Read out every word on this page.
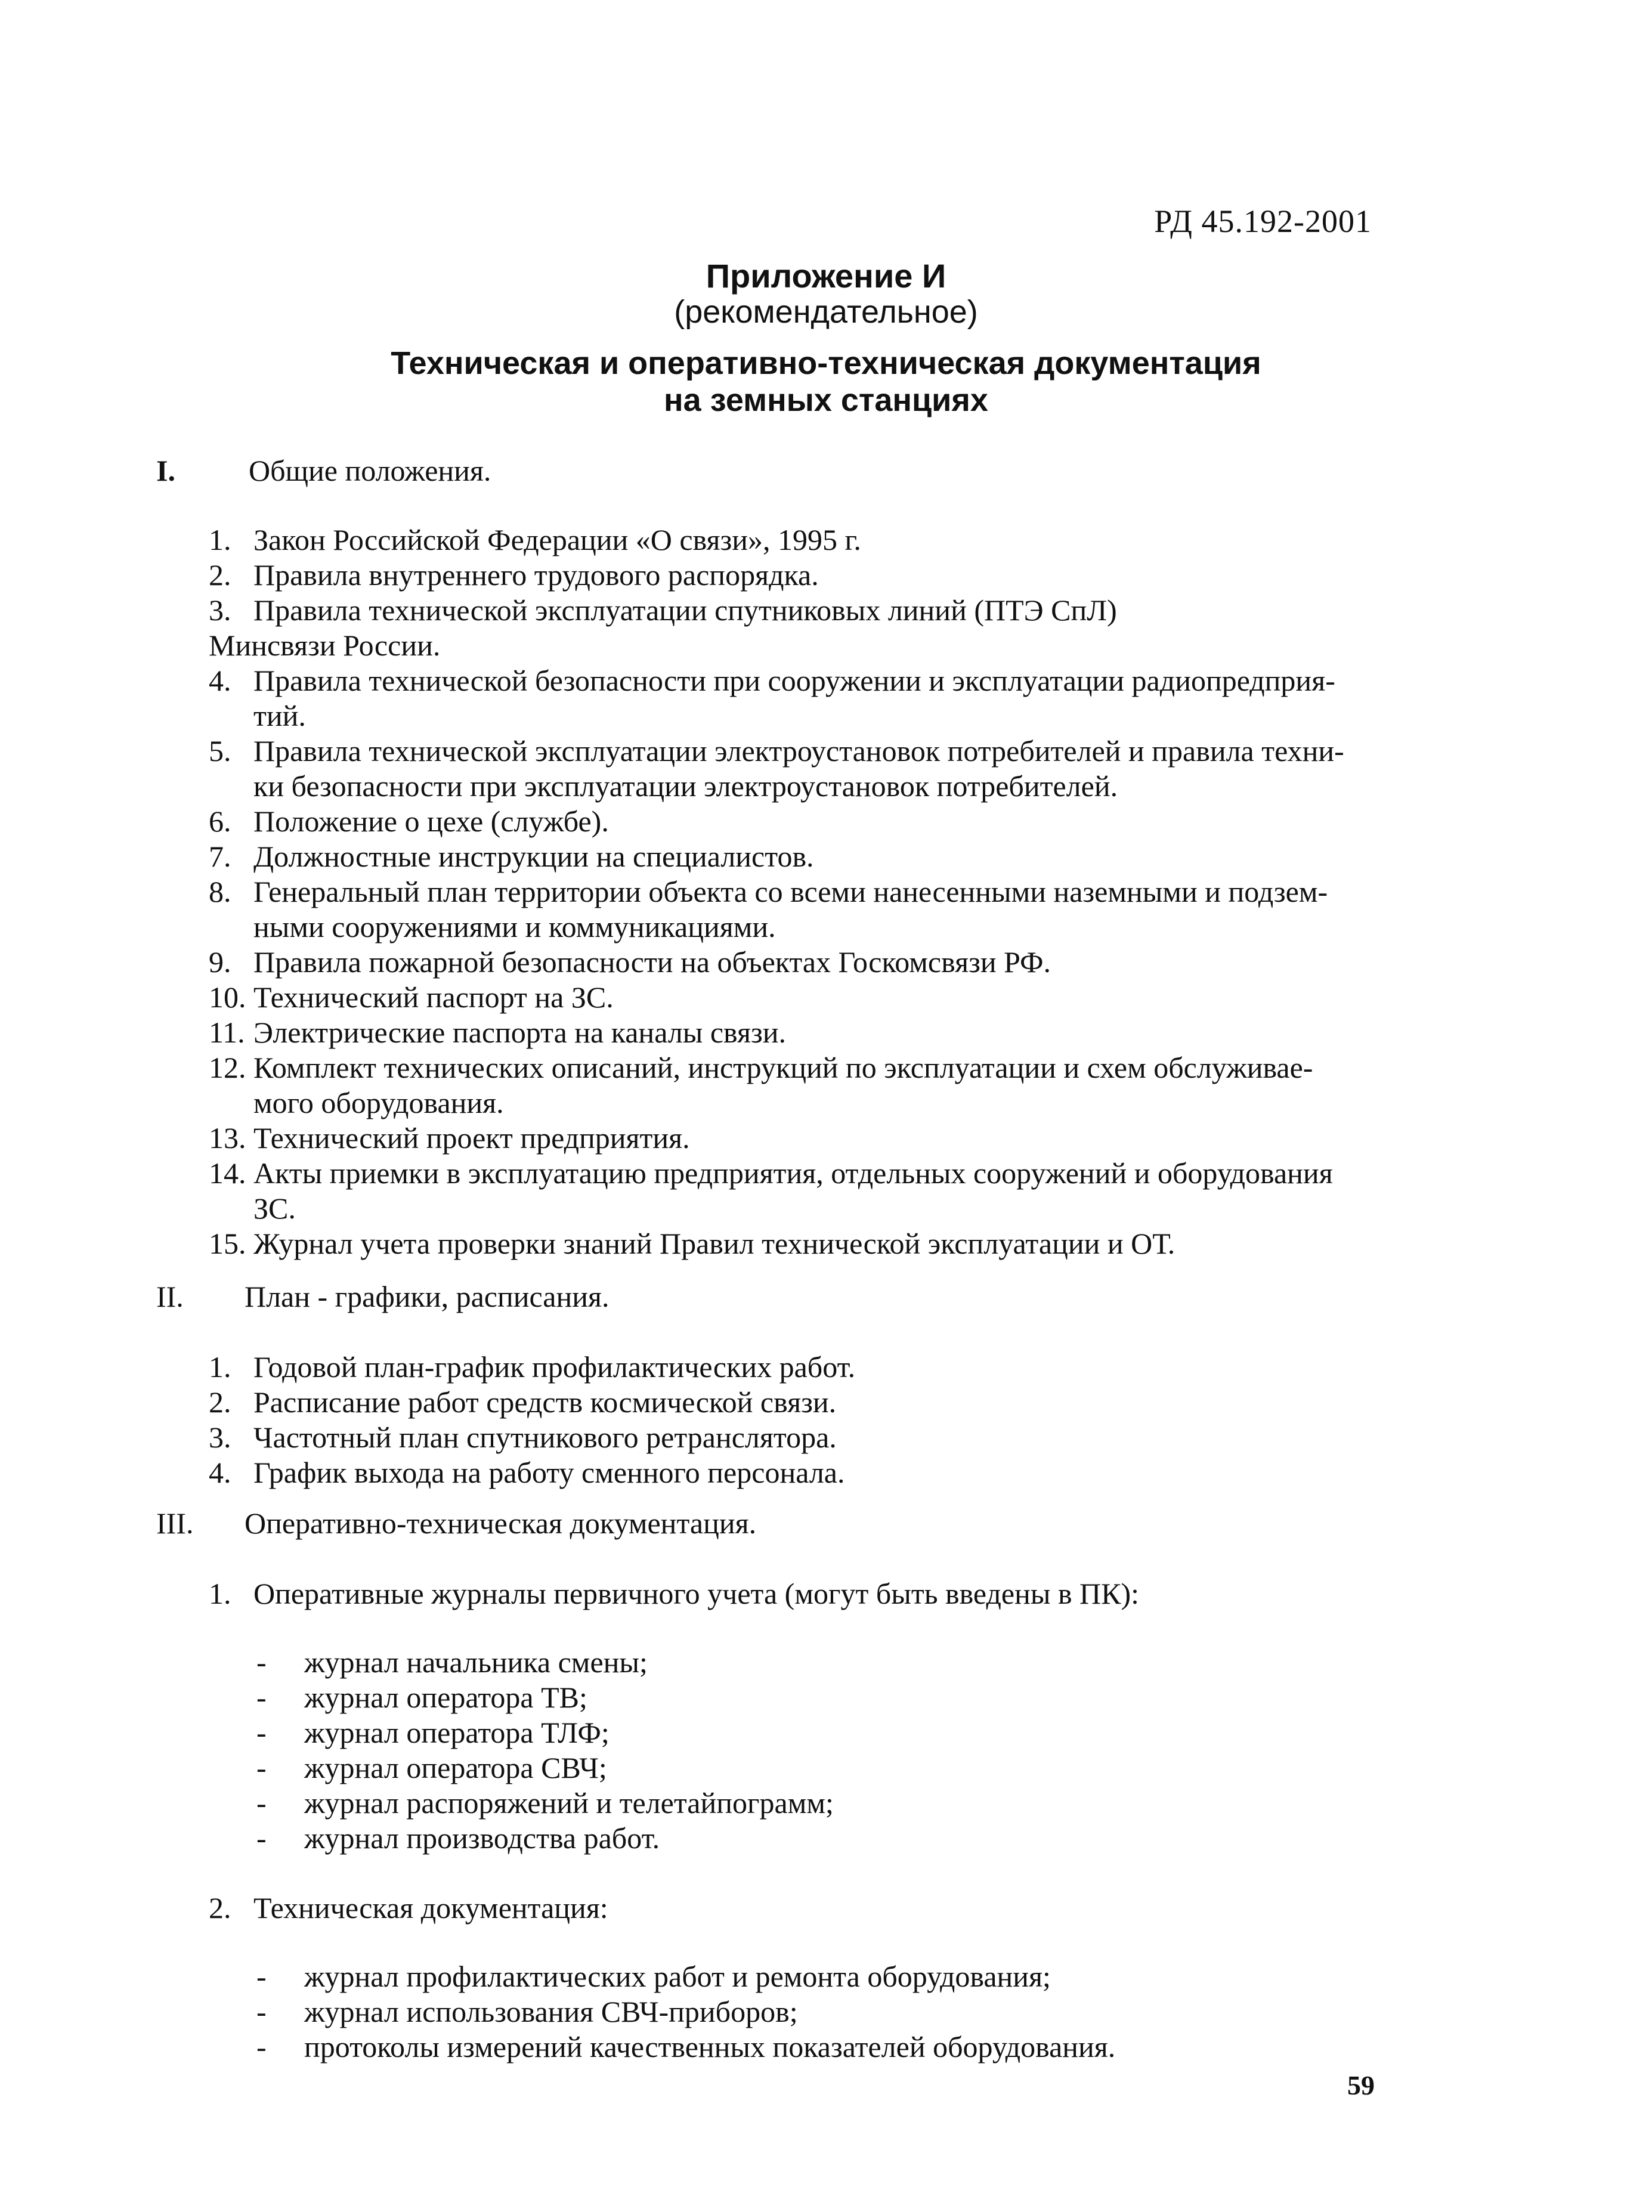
РД 45.192-2001
Приложение И
(рекомендательное)
Техническая и оперативно-техническая документация
на земных станциях
I. Общие положения.
1. Закон Российской Федерации «О связи», 1995 г.
2. Правила внутреннего трудового распорядка.
3. Правила технической эксплуатации спутниковых линий (ПТЭ СпЛ)
Минсвязи России.
4. Правила технической безопасности при сооружении и эксплуатации радиопредприя-
тий.
5. Правила технической эксплуатации электроустановок потребителей и правила техни-
ки безопасности при эксплуатации электроустановок потребителей.
6. Положение о цехе (службе).
7. Должностные инструкции на специалистов.
8. Генеральный план территории объекта со всеми нанесенными наземными и подзем-
ными сооружениями и коммуникациями.
9. Правила пожарной безопасности на объектах Госкомсвязи РФ.
10. Технический паспорт на ЗС.
11. Электрические паспорта на каналы связи.
12. Комплект технических описаний, инструкций по эксплуатации и схем обслуживае-
мого оборудования.
13. Технический проект предприятия.
14. Акты приемки в эксплуатацию предприятия, отдельных сооружений и оборудования
ЗС.
15. Журнал учета проверки знаний Правил технической эксплуатации и ОТ.
II. План - графики, расписания.
1. Годовой план-график профилактических работ.
2. Расписание работ средств космической связи.
3. Частотный план спутникового ретранслятора.
4. График выхода на работу сменного персонала.
III. Оперативно-техническая документация.
1. Оперативные журналы первичного учета (могут быть введены в ПК):
- журнал начальника смены;
- журнал оператора ТВ;
- журнал оператора ТЛФ;
- журнал оператора СВЧ;
- журнал распоряжений и телетайпограмм;
- журнал производства работ.
2. Техническая документация:
- журнал профилактических работ и ремонта оборудования;
- журнал использования СВЧ-приборов;
- протоколы измерений качественных показателей оборудования.
59
